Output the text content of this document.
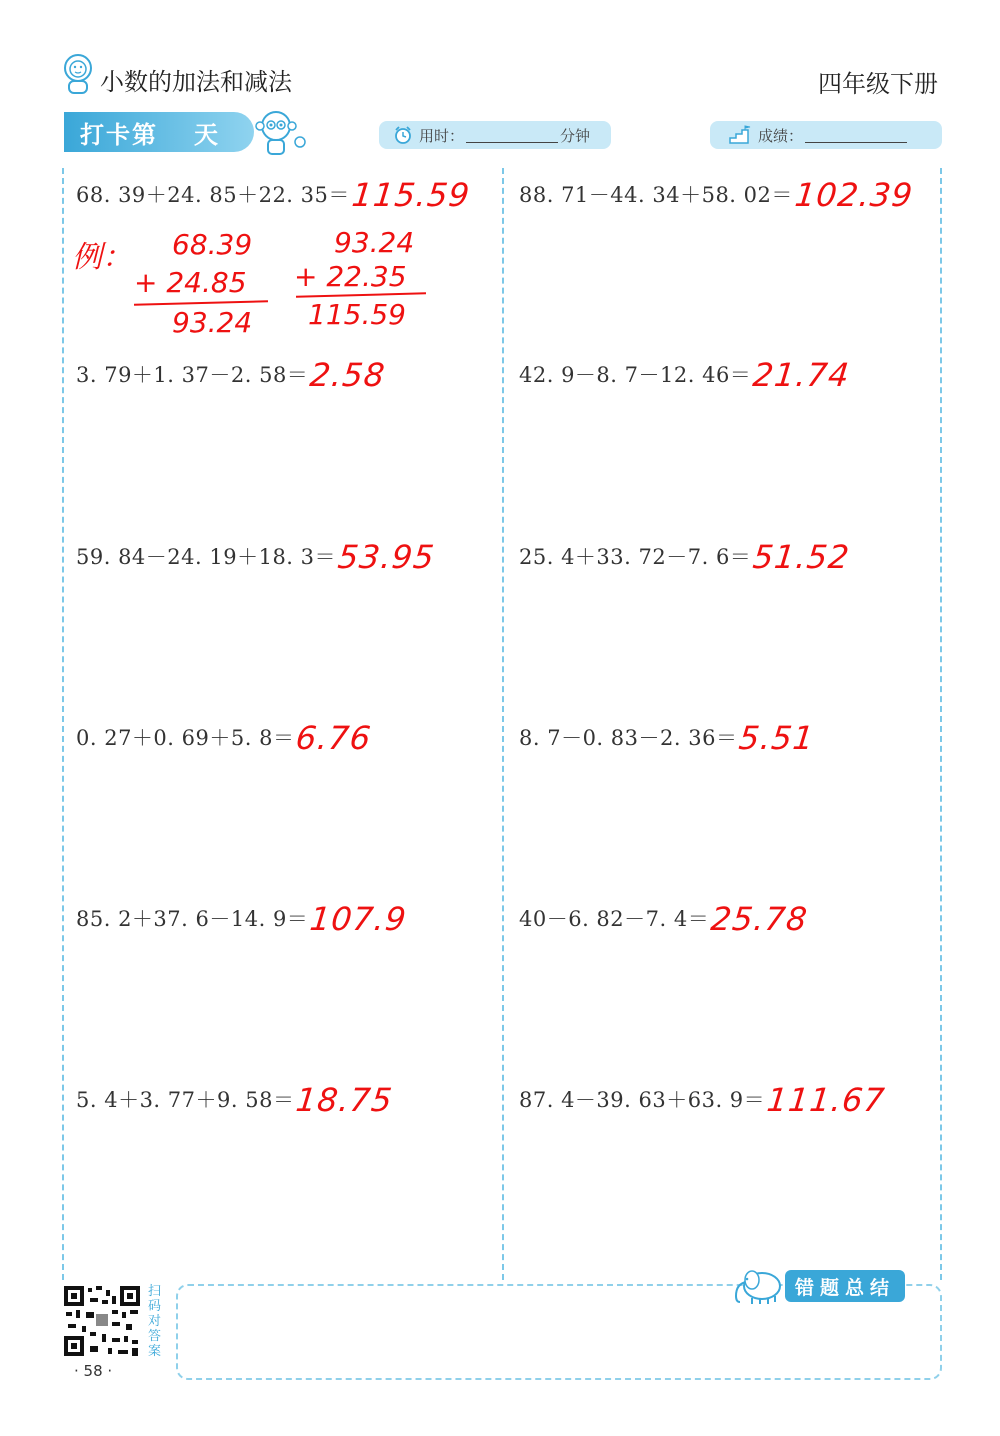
小数的加法和减法	四年级下册
打卡第 天	用时：	分钟	成绩：
68. 39＋24. 85＋22. 35＝115.59
3. 79＋1. 37－2. 58＝2.58
59. 84－24. 19＋18. 3＝53.95
0. 27＋0. 69＋5. 8＝6.76
85. 2＋37. 6－14. 9＝107.9
5. 4＋3. 77＋9. 58＝18.75
88. 71－44. 34＋58. 02＝102.39
42. 9－8. 7－12. 46＝21.74
25. 4＋33. 72－7. 6＝51.52
8. 7－0. 83－2. 36＝5.51
40－6. 82－7. 4＝25.78
87. 4－39. 63＋63. 9＝111.67
例： 68.39
+ 24.85
93.24
93.24
+ 22.35
115.59
错题总结
扫码对答案
· 58 ·
